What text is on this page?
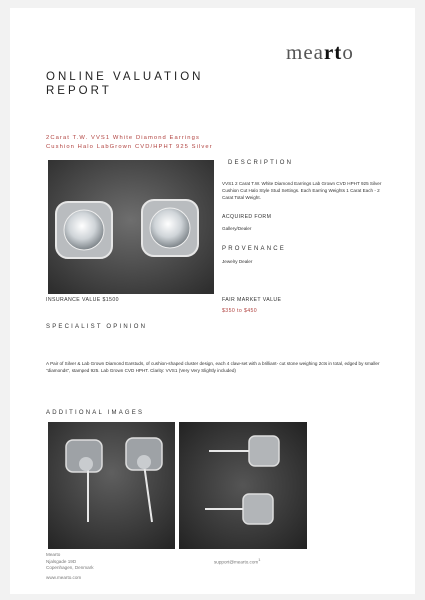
mearto
ONLINE VALUATION
REPORT
2Carat T.W. VVS1 White Diamond Earrings
Cushion Halo LabGrown CVD/HPHT 925 Silver
INSURANCE VALUE $1500
DESCRIPTION
VVS1 2 Carat T.W. White Diamond Earrings Lab Grown CVD HPHT 925 Silver Cushion Cut Halo Style Stud Settings. Each Earring Weights 1 Carat Each - 2 Carat Total Weight.
ACQUIRED FORM
Gallery/Dealer
PROVENANCE
Jewelry Dealer
FAIR MARKET VALUE
$350 to $450
SPECIALIST OPINION
A Pair of Silver & Lab Grown Diamond Earstuds, of cushion-shaped cluster design, each 4 claw-set with a brilliant- cut stone weighing 2cts in total, edged by smaller "diamonds", stamped 925. Lab Grown CVD HPHT. Clarity: VVS1 (Very Very Slightly included)
ADDITIONAL IMAGES
Mearto
Njalsgade 19D
Copenhagen, Denmark
www.mearto.com
support@mearto.com$^1$
